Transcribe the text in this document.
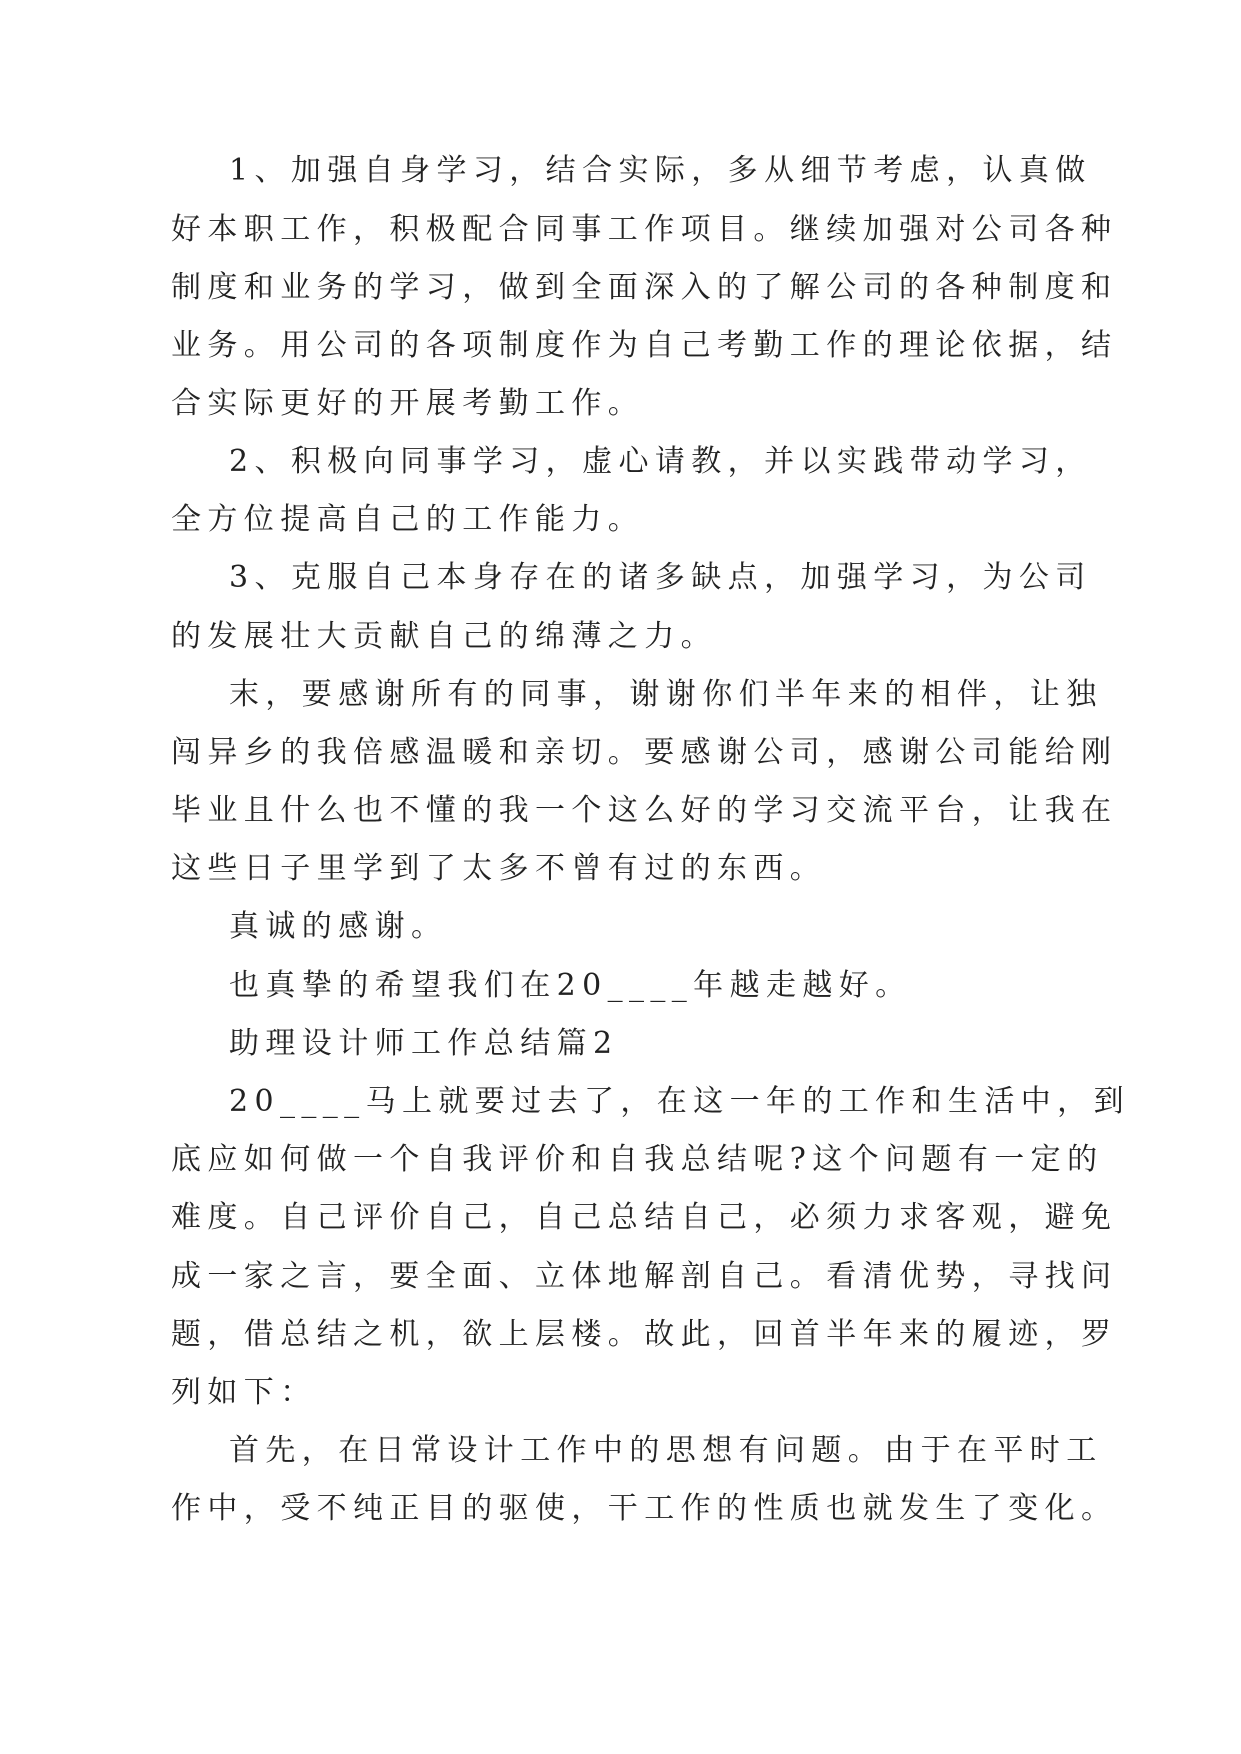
1、加强自身学习，结合实际，多从细节考虑，认真做
好本职工作，积极配合同事工作项目。继续加强对公司各种
制度和业务的学习，做到全面深入的了解公司的各种制度和
业务。用公司的各项制度作为自己考勤工作的理论依据，结
合实际更好的开展考勤工作。
2、积极向同事学习，虚心请教，并以实践带动学习，
全方位提高自己的工作能力。
3、克服自己本身存在的诸多缺点，加强学习，为公司
的发展壮大贡献自己的绵薄之力。
末，要感谢所有的同事，谢谢你们半年来的相伴，让独
闯异乡的我倍感温暖和亲切。要感谢公司，感谢公司能给刚
毕业且什么也不懂的我一个这么好的学习交流平台，让我在
这些日子里学到了太多不曾有过的东西。
真诚的感谢。
也真挚的希望我们在20____年越走越好。
助理设计师工作总结篇2
20____马上就要过去了，在这一年的工作和生活中，到
底应如何做一个自我评价和自我总结呢?这个问题有一定的
难度。自己评价自己，自己总结自己，必须力求客观，避免
成一家之言，要全面、立体地解剖自己。看清优势，寻找问
题，借总结之机，欲上层楼。故此，回首半年来的履迹，罗
列如下：
首先，在日常设计工作中的思想有问题。由于在平时工
作中，受不纯正目的驱使，干工作的性质也就发生了变化。
